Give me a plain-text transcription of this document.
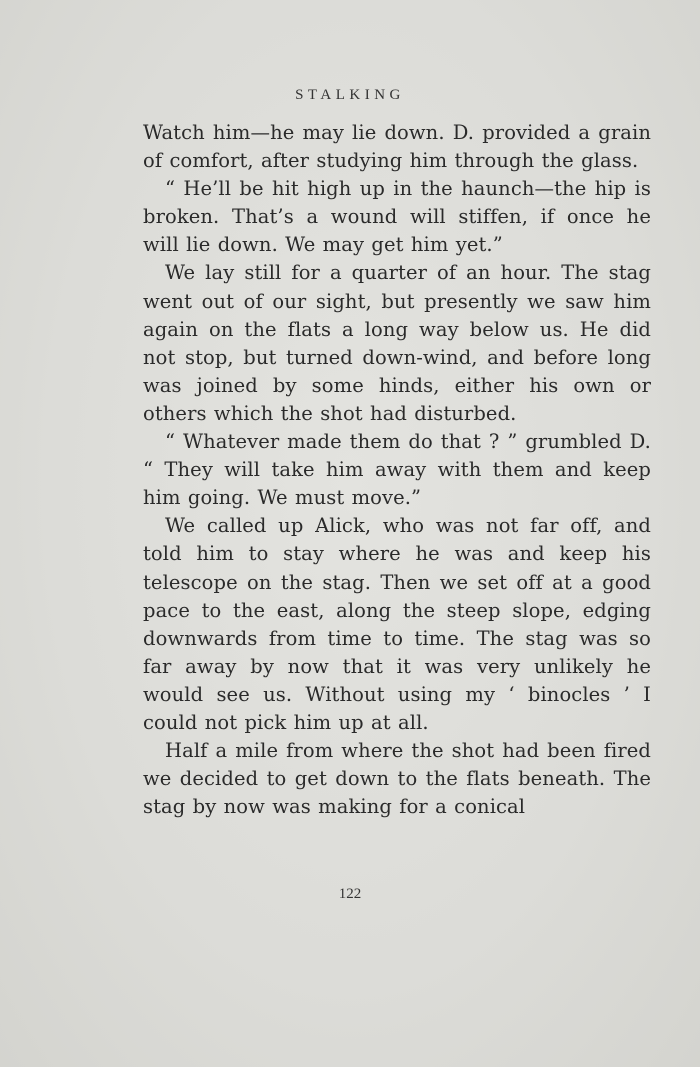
STALKING

Watch him—he may lie down. D. provided a grain of comfort, after studying him through the glass.

“ He’ll be hit high up in the haunch—the hip is broken. That’s a wound will stiffen, if once he will lie down. We may get him yet.”

We lay still for a quarter of an hour. The stag went out of our sight, but presently we saw him again on the flats a long way below us. He did not stop, but turned down-wind, and before long was joined by some hinds, either his own or others which the shot had disturbed.

“ Whatever made them do that ? ” grumbled D. “ They will take him away with them and keep him going. We must move.”

We called up Alick, who was not far off, and told him to stay where he was and keep his telescope on the stag. Then we set off at a good pace to the east, along the steep slope, edging downwards from time to time. The stag was so far away by now that it was very unlikely he would see us. Without using my ‘ binocles ’ I could not pick him up at all.

Half a mile from where the shot had been fired we decided to get down to the flats beneath. The stag by now was making for a conical

122
